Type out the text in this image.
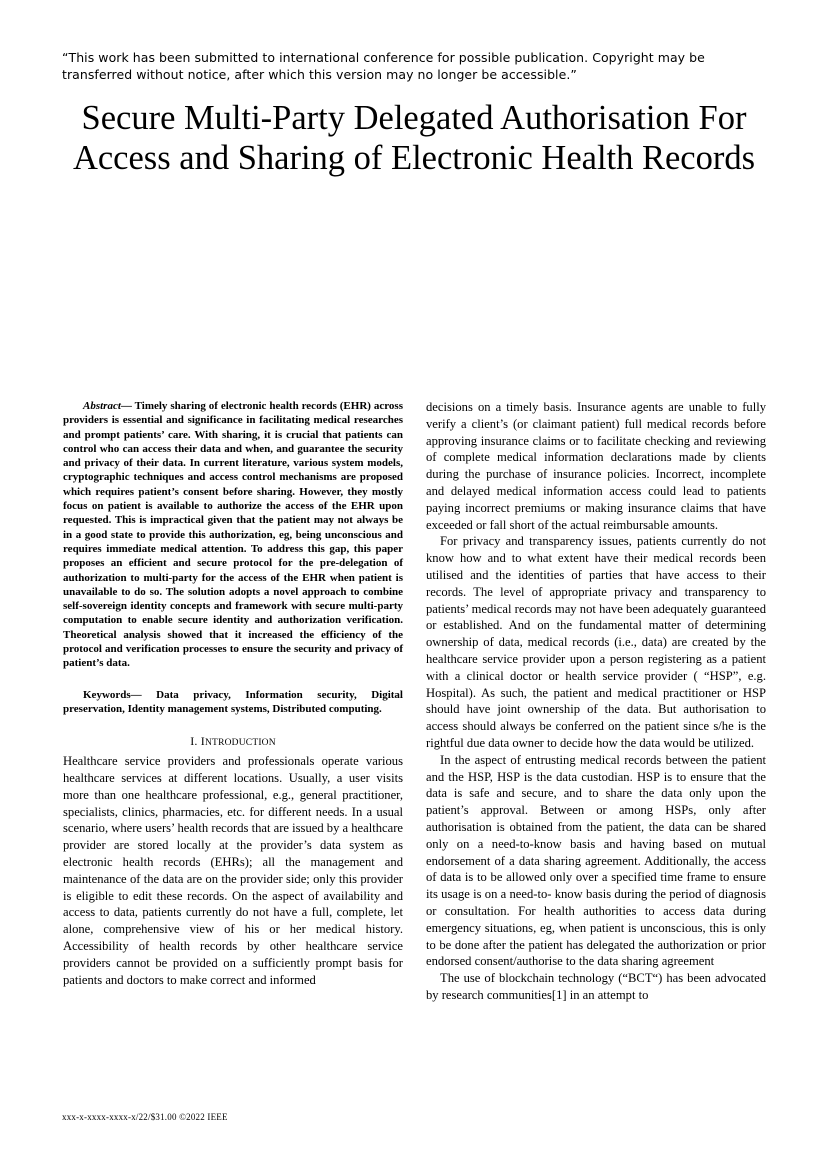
“This work has been submitted to international conference for possible publication. Copyright may be transferred without notice, after which this version may no longer be accessible.”
Secure Multi-Party Delegated Authorisation For
Access and Sharing of Electronic Health Records

Abstract— Timely sharing of electronic health records (EHR) across providers is essential and significance in facilitating medical researches and prompt patients’ care. With sharing, it is crucial that patients can control who can access their data and when, and guarantee the security and privacy of their data. In current literature, various system models, cryptographic techniques and access control mechanisms are proposed which requires patient’s consent before sharing. However, they mostly focus on patient is available to authorize the access of the EHR upon requested. This is impractical given that the patient may not always be in a good state to provide this authorization, eg, being unconscious and requires immediate medical attention. To address this gap, this paper proposes an efficient and secure protocol for the pre-delegation of authorization to multi-party for the access of the EHR when patient is unavailable to do so. The solution adopts a novel approach to combine self-sovereign identity concepts and framework with secure multi-party computation to enable secure identity and authorization verification. Theoretical analysis showed that it increased the efficiency of the protocol and verification processes to ensure the security and privacy of patient’s data.

Keywords— Data privacy, Information security, Digital preservation, Identity management systems, Distributed computing.

I. INTRODUCTION

Healthcare service providers and professionals operate various healthcare services at different locations. Usually, a user visits more than one healthcare professional, e.g., general practitioner, specialists, clinics, pharmacies, etc. for different needs. In a usual scenario, where users’ health records that are issued by a healthcare provider are stored locally at the provider’s data system as electronic health records (EHRs); all the management and maintenance of the data are on the provider side; only this provider is eligible to edit these records. On the aspect of availability and access to data, patients currently do not have a full, complete, let alone, comprehensive view of his or her medical history. Accessibility of health records by other healthcare service providers cannot be provided on a sufficiently prompt basis for patients and doctors to make correct and informed

decisions on a timely basis. Insurance agents are unable to fully verify a client’s (or claimant patient) full medical records before approving insurance claims or to facilitate checking and reviewing of complete medical information declarations made by clients during the purchase of insurance policies. Incorrect, incomplete and delayed medical information access could lead to patients paying incorrect premiums or making insurance claims that have exceeded or fall short of the actual reimbursable amounts.

For privacy and transparency issues, patients currently do not know how and to what extent have their medical records been utilised and the identities of parties that have access to their records. The level of appropriate privacy and transparency to patients’ medical records may not have been adequately guaranteed or established. And on the fundamental matter of determining ownership of data, medical records (i.e., data) are created by the healthcare service provider upon a person registering as a patient with a clinical doctor or health service provider ( “HSP”, e.g. Hospital). As such, the patient and medical practitioner or HSP should have joint ownership of the data. But authorisation to access should always be conferred on the patient since s/he is the rightful due data owner to decide how the data would be utilized.

In the aspect of entrusting medical records between the patient and the HSP, HSP is the data custodian. HSP is to ensure that the data is safe and secure, and to share the data only upon the patient’s approval. Between or among HSPs, only after authorisation is obtained from the patient, the data can be shared only on a need-to-know basis and having based on mutual endorsement of a data sharing agreement. Additionally, the access of data is to be allowed only over a specified time frame to ensure its usage is on a need-to- know basis during the period of diagnosis or consultation. For health authorities to access data during emergency situations, eg, when patient is unconscious, this is only to be done after the patient has delegated the authorization or prior endorsed consent/authorise to the data sharing agreement

The use of blockchain technology (“BCT“) has been advocated by research communities[1] in an attempt to

xxx-x-xxxx-xxxx-x/22/$31.00 ©2022 IEEE
